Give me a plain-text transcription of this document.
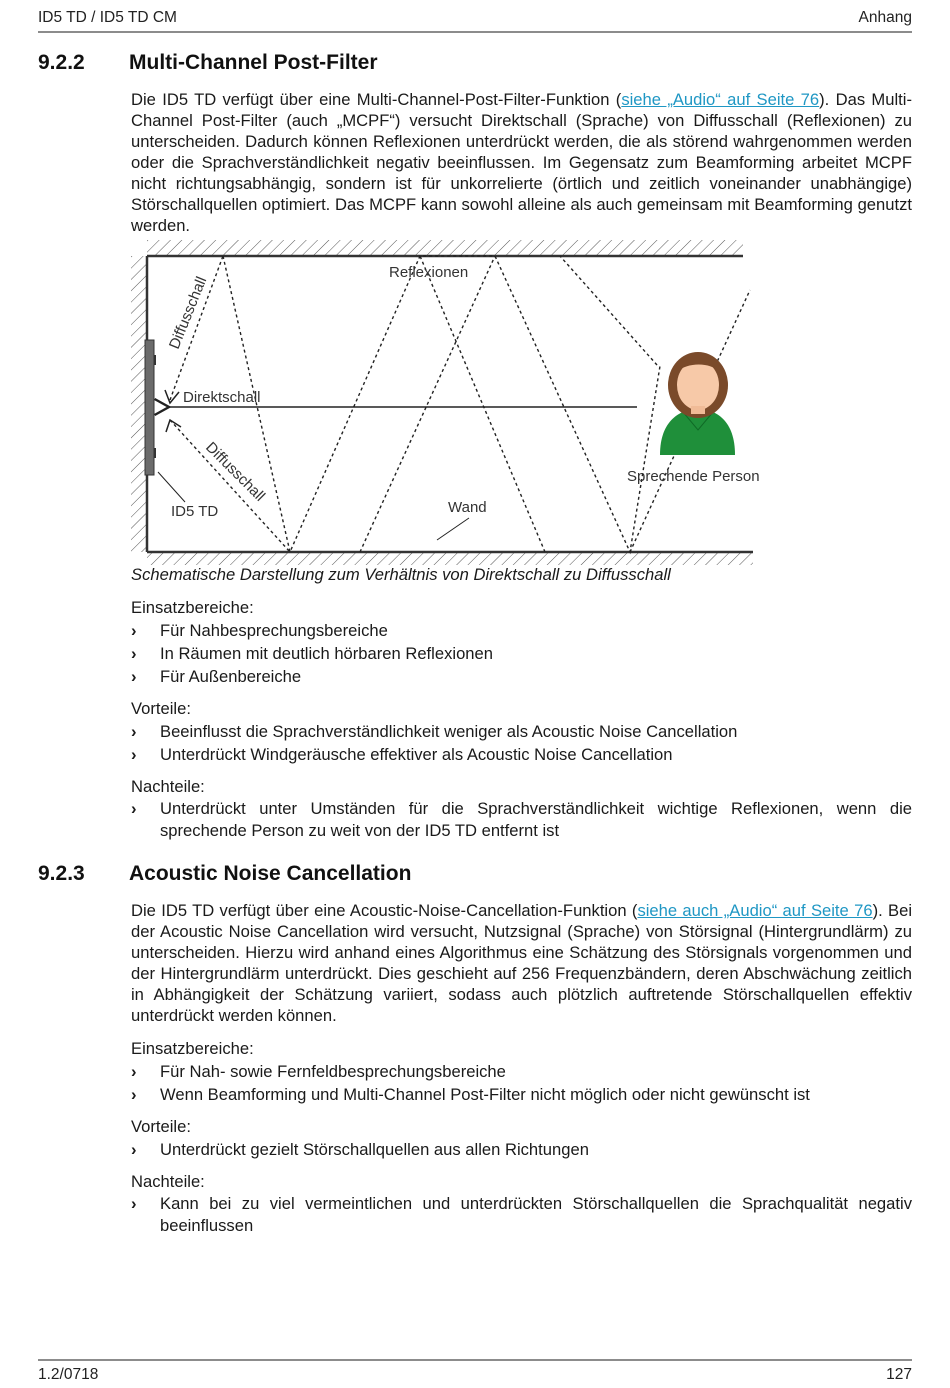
ID5 TD / ID5 TD CM	Anhang
9.2.2 Multi-Channel Post-Filter

Die ID5 TD verfügt über eine Multi-Channel-Post-Filter-Funktion (siehe „Audio“ auf Seite 76). Das Multi-Channel Post-Filter (auch „MCPF“) versucht Direktschall (Sprache) von Diffusschall (Reflexionen) zu unterscheiden. Dadurch können Reflexionen unterdrückt werden, die als störend wahrgenommen werden oder die Sprachverständlichkeit negativ beeinflussen. Im Gegensatz zum Beamforming arbeitet MCPF nicht richtungsabhängig, sondern ist für unkorrelierte (örtlich und zeitlich voneinander unabhängige) Störschallquellen optimiert. Das MCPF kann sowohl alleine als auch gemeinsam mit Beamforming genutzt werden.

Reflexionen
Diffusschall
Direktschall
Diffusschall
ID5 TD	Wand
Sprechende Person
Schematische Darstellung zum Verhältnis von Direktschall zu Diffusschall

Einsatzbereiche:

› Für Nahbesprechungsbereiche
› In Räumen mit deutlich hörbaren Reflexionen
› Für Außenbereiche

Vorteile:

› Beeinflusst die Sprachverständlichkeit weniger als Acoustic Noise Cancellation
› Unterdrückt Windgeräusche effektiver als Acoustic Noise Cancellation

Nachteile:

› Unterdrückt unter Umständen für die Sprachverständlichkeit wichtige Reflexionen, wenn die sprechende Person zu weit von der ID5 TD entfernt ist
9.2.3 Acoustic Noise Cancellation

Die ID5 TD verfügt über eine Acoustic-Noise-Cancellation-Funktion (siehe auch „Audio“ auf Seite 76). Bei der Acoustic Noise Cancellation wird versucht, Nutzsignal (Sprache) von Störsignal (Hintergrundlärm) zu unterscheiden. Hierzu wird anhand eines Algorithmus eine Schätzung des Störsignals vorgenommen und der Hintergrundlärm unterdrückt. Dies geschieht auf 256 Frequenzbändern, deren Abschwächung zeitlich in Abhängigkeit der Schätzung variiert, sodass auch plötzlich auftretende Störschallquellen effektiv unterdrückt werden können.

Einsatzbereiche:

› Für Nah- sowie Fernfeldbesprechungsbereiche
› Wenn Beamforming und Multi-Channel Post-Filter nicht möglich oder nicht gewünscht ist

Vorteile:

› Unterdrückt gezielt Störschallquellen aus allen Richtungen

Nachteile:

› Kann bei zu viel vermeintlichen und unterdrückten Störschallquellen die Sprachqualität negativ beeinflussen
1.2/0718	127
